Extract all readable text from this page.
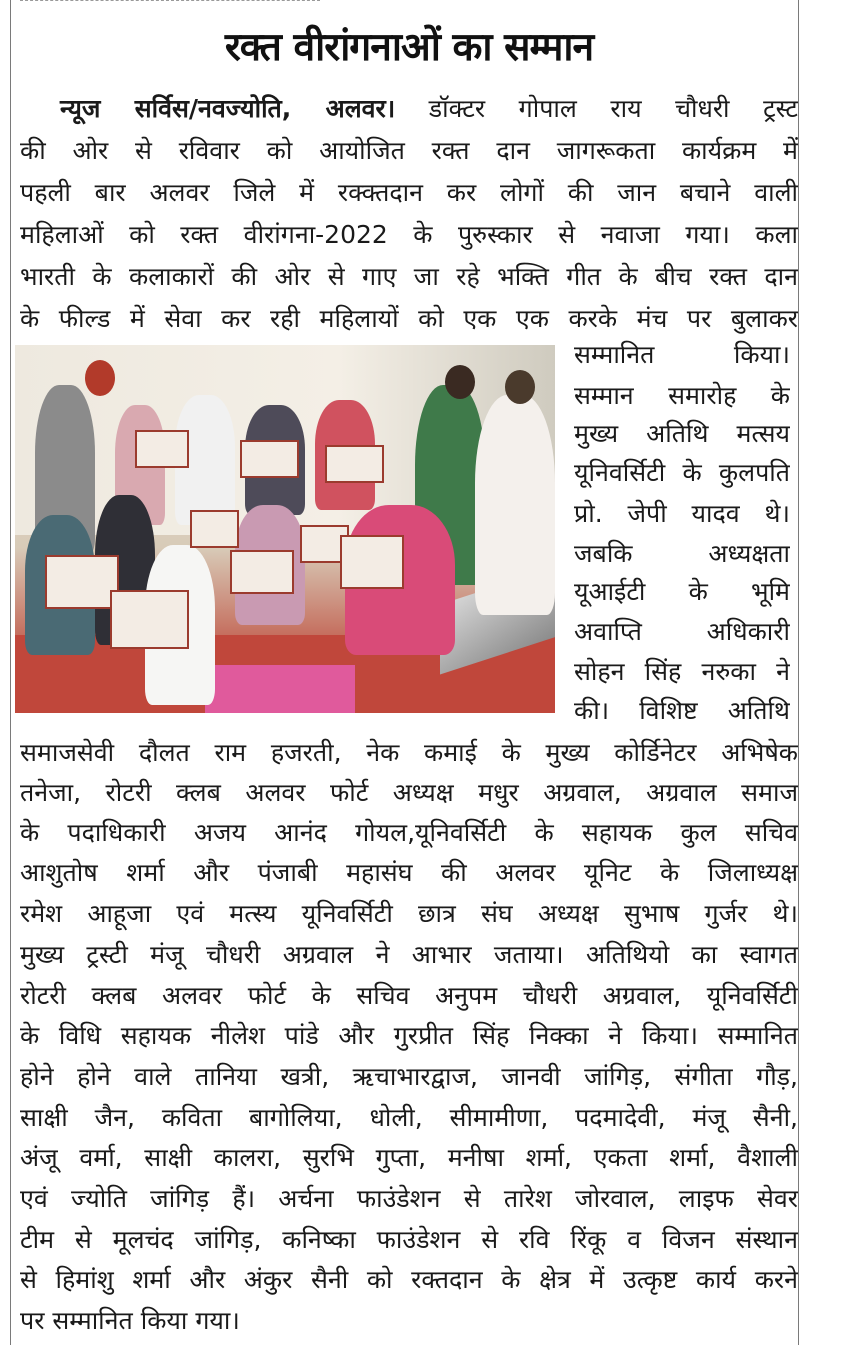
रक्त वीरांगनाओं का सम्मान
न्यूज सर्विस/नवज्योति, अलवर। डॉक्टर गोपाल राय चौधरी ट्रस्ट
की ओर से रविवार को आयोजित रक्त दान जागरूकता कार्यक्रम में
पहली बार अलवर जिले में रक्क्तदान कर लोगों की जान बचाने वाली
महिलाओं को रक्त वीरांगना-2022 के पुरुस्कार से नवाजा गया। कला
भारती के कलाकारों की ओर से गाए जा रहे भक्ति गीत के बीच रक्त दान
के फील्ड में सेवा कर रही महिलायों को एक एक करके मंच पर बुलाकर
सम्मानित किया।
सम्मान समारोह के
मुख्य अतिथि मत्सय
यूनिवर्सिटी के कुलपति
प्रो. जेपी यादव थे।
जबकि अध्यक्षता
यूआईटी के भूमि
अवाप्ति अधिकारी
सोहन सिंह नरुका ने
की। विशिष्ट अतिथि
समाजसेवी दौलत राम हजरती, नेक कमाई के मुख्य कोर्डिनेटर अभिषेक
तनेजा, रोटरी क्लब अलवर फोर्ट अध्यक्ष मधुर अग्रवाल, अग्रवाल समाज
के पदाधिकारी अजय आनंद गोयल,यूनिवर्सिटी के सहायक कुल सचिव
आशुतोष शर्मा और पंजाबी महासंघ की अलवर यूनिट के जिलाध्यक्ष
रमेश आहूजा एवं मत्स्य यूनिवर्सिटी छात्र संघ अध्यक्ष सुभाष गुर्जर थे।
मुख्य ट्रस्टी मंजू चौधरी अग्रवाल ने आभार जताया। अतिथियो का स्वागत
रोटरी क्लब अलवर फोर्ट के सचिव अनुपम चौधरी अग्रवाल, यूनिवर्सिटी
के विधि सहायक नीलेश पांडे और गुरप्रीत सिंह निक्का ने किया। सम्मानित
होने होने वाले तानिया खत्री, ऋचाभारद्वाज, जानवी जांगिड़, संगीता गौड़,
साक्षी जैन, कविता बागोलिया, धोली, सीमामीणा, पदमादेवी, मंजू सैनी,
अंजू वर्मा, साक्षी कालरा, सुरभि गुप्ता, मनीषा शर्मा, एकता शर्मा, वैशाली
एवं ज्योति जांगिड़ हैं। अर्चना फाउंडेशन से तारेश जोरवाल, लाइफ सेवर
टीम से मूलचंद जांगिड़, कनिष्का फाउंडेशन से रवि रिंकू व विजन संस्थान
से हिमांशु शर्मा और अंकुर सैनी को रक्तदान के क्षेत्र में उत्कृष्ट कार्य करने
पर सम्मानित किया गया।
